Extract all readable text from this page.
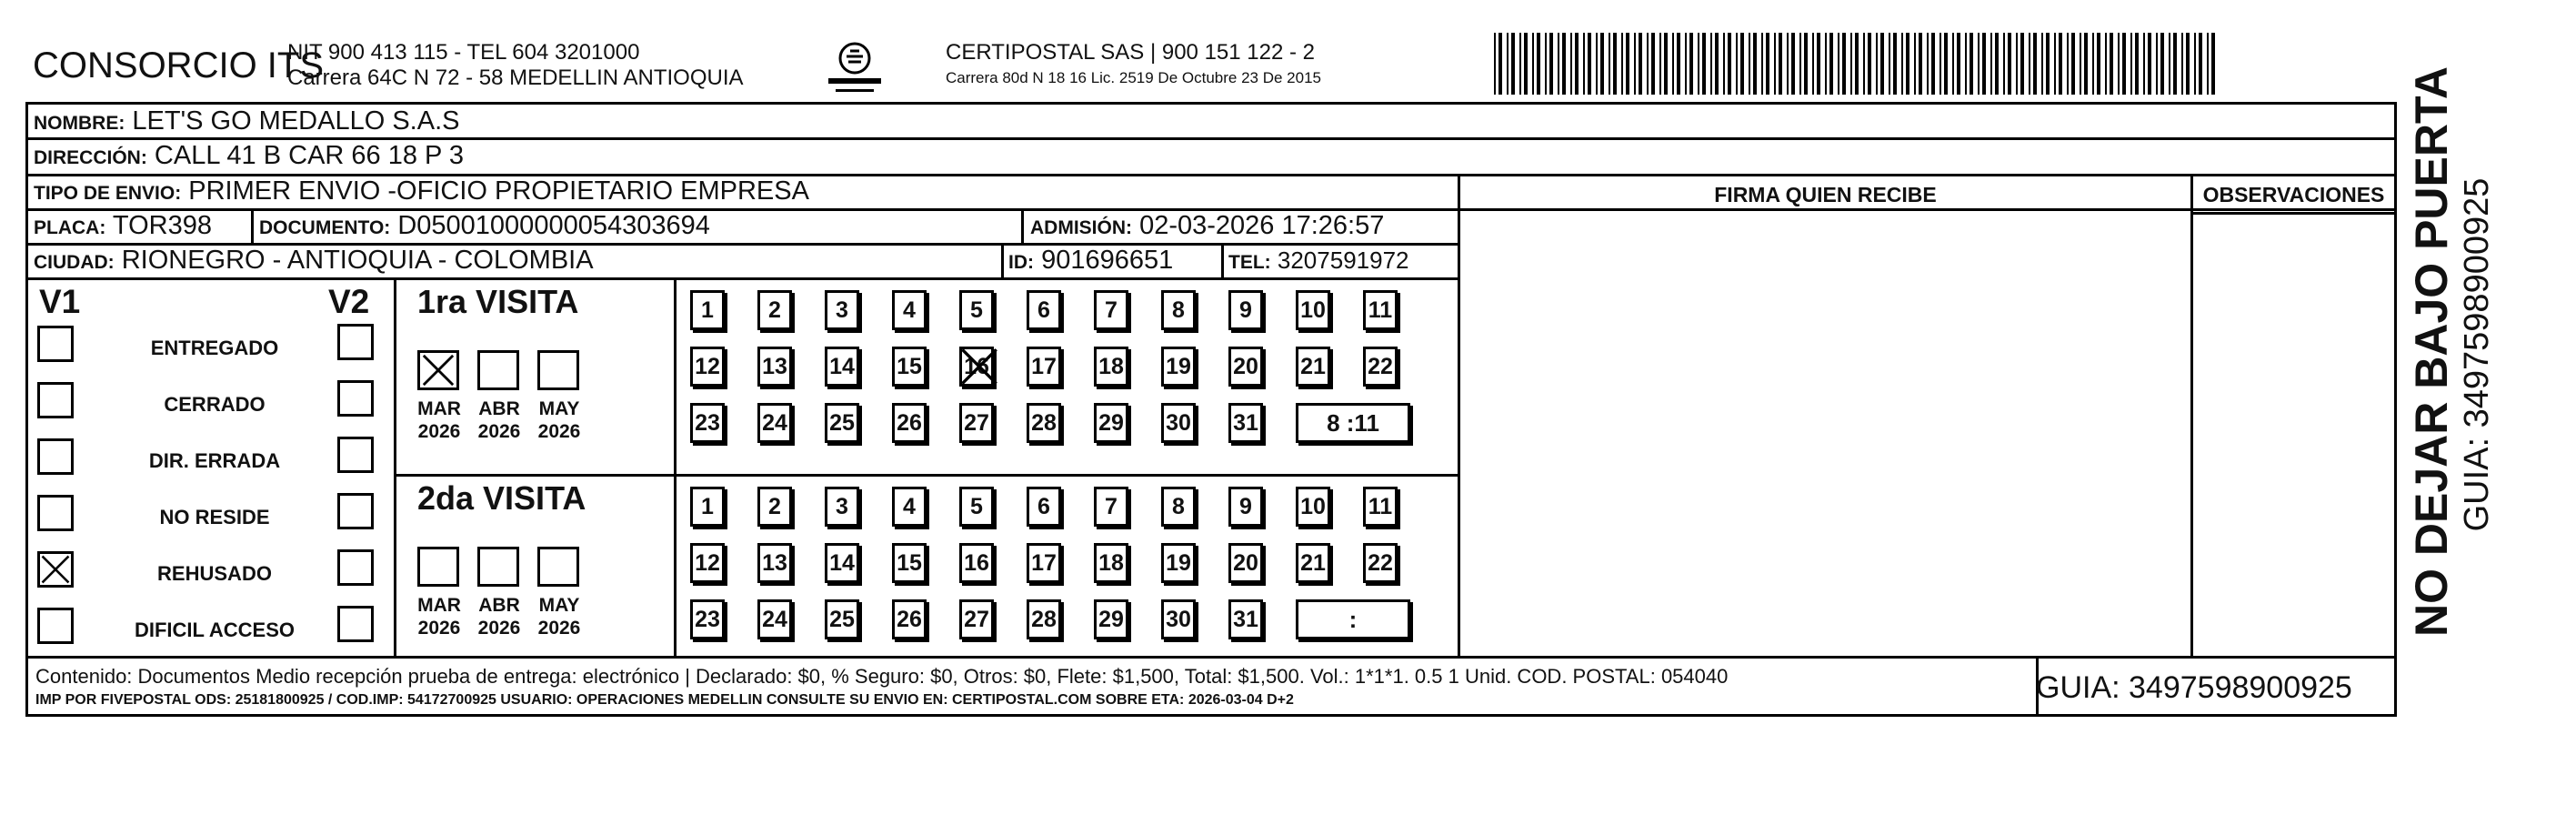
CONSORCIO ITS
NIT 900 413 115 - TEL 604 3201000
Carrera 64C N 72 - 58 MEDELLIN ANTIOQUIA
CERTIPOSTAL SAS | 900 151 122 - 2
Carrera 80d N 18 16 Lic. 2519 De Octubre 23 De 2015
NOMBRE: LET'S GO MEDALLO S.A.S
DIRECCIÓN: CALL 41 B CAR 66 18 P 3
TIPO DE ENVIO: PRIMER ENVIO -OFICIO PROPIETARIO EMPRESA
PLACA: TOR398 DOCUMENTO: D05001000000054303694	ADMISIÓN: 02-03-2026 17:26:57
CIUDAD: RIONEGRO - ANTIOQUIA - COLOMBIA	ID: 901696651	TEL: 3207591972
FIRMA QUIEN RECIBE	OBSERVACIONES
V1	V2
ENTREGADO
CERRADO
DIR. ERRADA
NO RESIDE
REHUSADO
DIFICIL ACCESO
1ra VISITA
MAR
2026
ABR
2026
MAY
2026
1	2	3	4	5	6	7	8	9	10 11
12 13 14 15 16 17 18 19 20 21 22
23 24 25 26 27 28 29 30 31	8 :11
2da VISITA
MAR
2026
ABR
2026
MAY
2026
1	2	3	4	5	6	7	8	9	10 11
12 13 14 15 16 17 18 19 20 21 22
23 24 25 26 27 28 29 30 31	:
Contenido: Documentos Medio recepción prueba de entrega: electrónico | Declarado: $0, % Seguro: $0, Otros: $0, Flete: $1,500, Total: $1,500. Vol.: 1*1*1. 0.5 1 Unid. COD. POSTAL: 054040
IMP POR FIVEPOSTAL ODS: 25181800925 / COD.IMP: 54172700925 USUARIO: OPERACIONES MEDELLIN CONSULTE SU ENVIO EN: CERTIPOSTAL.COM SOBRE ETA: 2026-03-04 D+2	GUIA: 3497598900925
NO DEJAR BAJO PUERTA GUIA: 3497598900925
